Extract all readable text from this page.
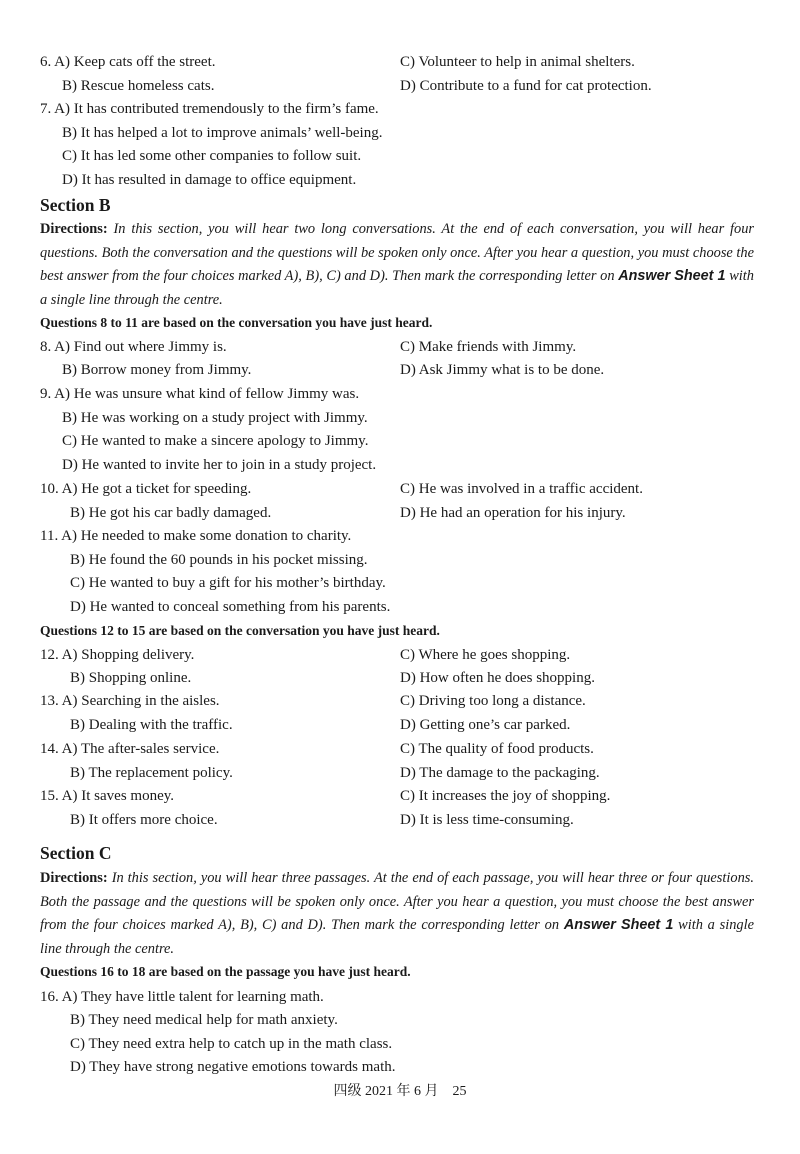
6. A) Keep cats off the street.	C) Volunteer to help in animal shelters.
B) Rescue homeless cats.	D) Contribute to a fund for cat protection.
7. A) It has contributed tremendously to the firm’s fame.
B) It has helped a lot to improve animals’ well-being.
C) It has led some other companies to follow suit.
D) It has resulted in damage to office equipment.
Section B
Directions: In this section, you will hear two long conversations. At the end of each conversation, you will hear four questions. Both the conversation and the questions will be spoken only once. After you hear a question, you must choose the best answer from the four choices marked A), B), C) and D). Then mark the corresponding letter on Answer Sheet 1 with a single line through the centre.
Questions 8 to 11 are based on the conversation you have just heard.
8. A) Find out where Jimmy is.	C) Make friends with Jimmy.
B) Borrow money from Jimmy.	D) Ask Jimmy what is to be done.
9. A) He was unsure what kind of fellow Jimmy was.
B) He was working on a study project with Jimmy.
C) He wanted to make a sincere apology to Jimmy.
D) He wanted to invite her to join in a study project.
10. A) He got a ticket for speeding.	C) He was involved in a traffic accident.
B) He got his car badly damaged.	D) He had an operation for his injury.
11. A) He needed to make some donation to charity.
B) He found the 60 pounds in his pocket missing.
C) He wanted to buy a gift for his mother’s birthday.
D) He wanted to conceal something from his parents.
Questions 12 to 15 are based on the conversation you have just heard.
12. A) Shopping delivery.	C) Where he goes shopping.
B) Shopping online.	D) How often he does shopping.
13. A) Searching in the aisles.	C) Driving too long a distance.
B) Dealing with the traffic.	D) Getting one’s car parked.
14. A) The after-sales service.	C) The quality of food products.
B) The replacement policy.	D) The damage to the packaging.
15. A) It saves money.	C) It increases the joy of shopping.
B) It offers more choice.	D) It is less time-consuming.
Section C
Directions: In this section, you will hear three passages. At the end of each passage, you will hear three or four questions. Both the passage and the questions will be spoken only once. After you hear a question, you must choose the best answer from the four choices marked A), B), C) and D). Then mark the corresponding letter on Answer Sheet 1 with a single line through the centre.
Questions 16 to 18 are based on the passage you have just heard.
16. A) They have little talent for learning math.
B) They need medical help for math anxiety.
C) They need extra help to catch up in the math class.
D) They have strong negative emotions towards math.
四级 2021 年 6 月　25
